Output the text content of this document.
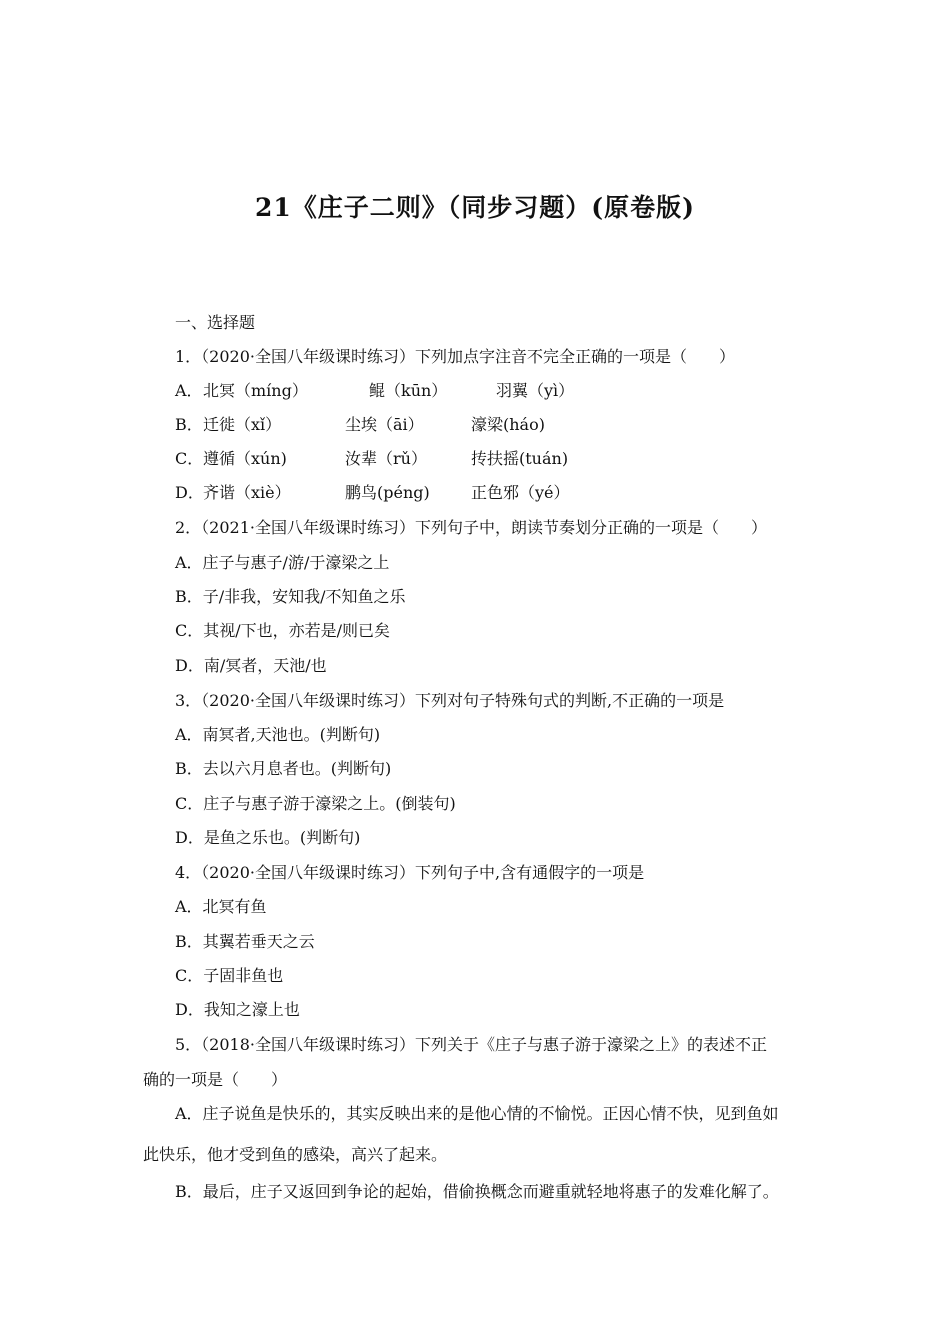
21《庄子二则》（同步习题）(原卷版)

一、选择题

1．（2020·全国八年级课时练习）下列加点字注音不完全正确的一项是（　　）

A． 北冥（míng）	鲲（kūn）	羽翼（yì）
B． 迁徙（xǐ）	尘埃（āi）	濠梁(háo)
C． 遵循（xún)	汝辈（rǔ）	抟扶摇(tuán)
D． 齐谐（xiè）	鹏鸟(péng)	正色邪（yé）

2．（2021·全国八年级课时练习）下列句子中，朗读节奏划分正确的一项是（　　）

A．庄子与惠子/游/于濠梁之上

B．子/非我，安知我/不知鱼之乐

C．其视/下也，亦若是/则已矣

D．南/冥者，天池/也

3．（2020·全国八年级课时练习）下列对句子特殊句式的判断,不正确的一项是

A．南冥者,天池也。(判断句)

B．去以六月息者也。(判断句)

C．庄子与惠子游于濠梁之上。(倒装句)

D．是鱼之乐也。(判断句)

4．（2020·全国八年级课时练习）下列句子中,含有通假字的一项是

A．北冥有鱼

B．其翼若垂天之云

C．子固非鱼也

D．我知之濠上也

5．（2018·全国八年级课时练习）下列关于《庄子与惠子游于濠梁之上》的表述不正

确的一项是（　　）

A．庄子说鱼是快乐的，其实反映出来的是他心情的不愉悦。正因心情不快，见到鱼如

此快乐，他才受到鱼的感染，高兴了起来。

B．最后，庄子又返回到争论的起始，借偷换概念而避重就轻地将惠子的发难化解了。
